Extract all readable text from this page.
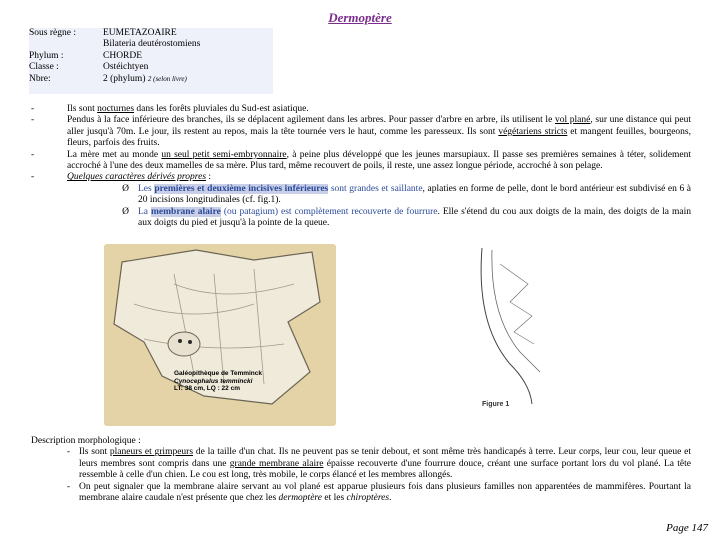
Dermoptère
Sous règne :	EUMETAZOAIRE
Bilateria deutérostomiens
Phylum :	CHORDE
Classe :	Ostéichtyen
Nbre:	2 (phylum) 2 (selon livre)
-	Ils sont nocturnes dans les forêts pluviales du Sud-est asiatique.
-	Pendus à la face inférieure des branches, ils se déplacent agilement dans les arbres. Pour passer d'arbre en arbre, ils utilisent le vol plané, sur une distance qui peut aller jusqu'à 70m. Le jour, ils restent au repos, mais la tête tournée vers le haut, comme les paresseux. Ils sont végétariens stricts et mangent feuilles, bourgeons, fleurs, parfois des fruits.
-	La mère met au monde un seul petit semi-embryonnaire, à peine plus développé que les jeunes marsupiaux. Il passe ses premières semaines à téter, solidement accroché à l'une des deux mamelles de sa mère. Plus tard, même recouvert de poils, il reste, une assez longue période, accroché à son pelage.
-	Quelques caractères dérivés propres :
Ø Les premières et deuxième incisives inférieures sont grandes et saillante, aplaties en forme de pelle, dont le bord antérieur est subdivisé en 6 à 20 incisions longitudinales (cf. fig.1).
Ø La membrane alaire (ou patagium) est complètement recouverte de fourrure. Elle s'étend du cou aux doigts de la main, des doigts de la main aux doigts du pied et jusqu'à la pointe de la queue.
Galéopithèque de Temminck
Cynocephalus temmincki
LT: 38 cm, LQ : 22 cm
Figure 1
Description morphologique :
- Ils sont planeurs et grimpeurs de la taille d'un chat. Ils ne peuvent pas se tenir debout, et sont même très handicapés à terre. Leur corps, leur cou, leur queue et leurs membres sont compris dans une grande membrane alaire épaisse recouverte d'une fourrure douce, créant une surface portant lors du vol plané. La tête ressemble à celle d'un chien. Le cou est long, très mobile, le corps élancé et les membres allongés.
- On peut signaler que la membrane alaire servant au vol plané est apparue plusieurs fois dans plusieurs familles non apparentées de mammifères. Pourtant la membrane alaire caudale n'est présente que chez les dermoptère et les chiroptères.
Page 147
